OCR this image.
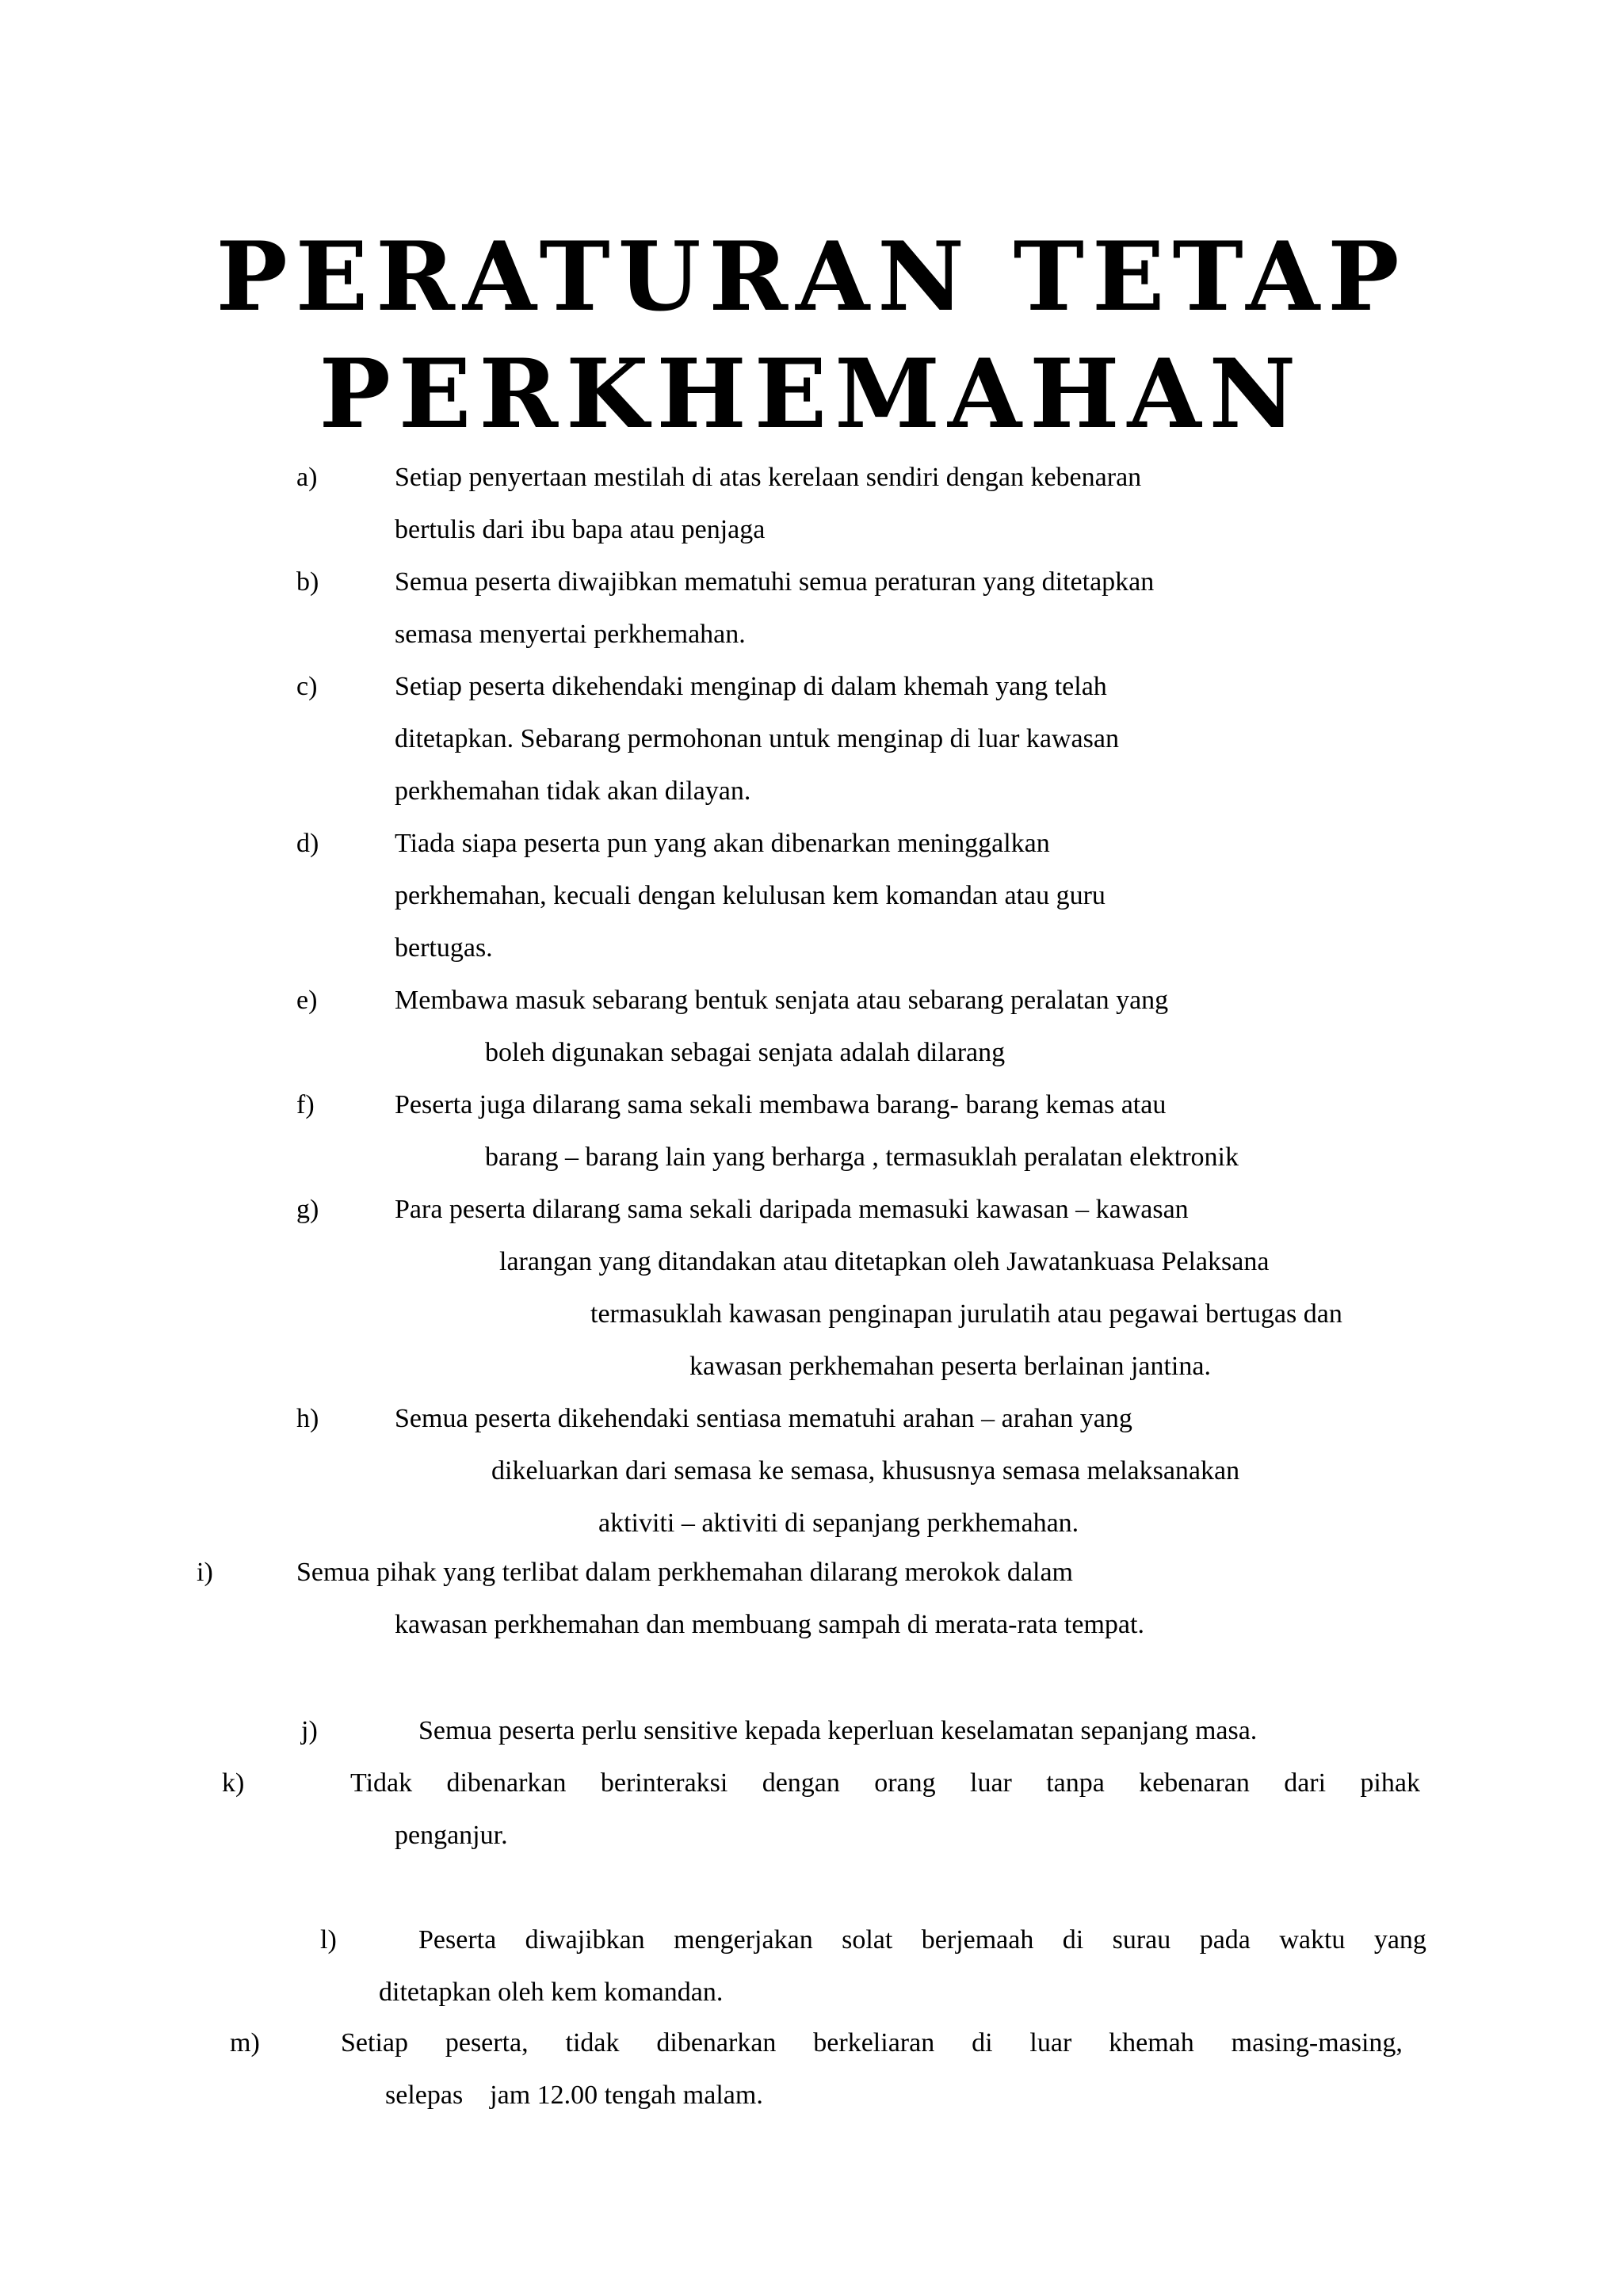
PERATURAN TETAP
PERKHEMAHAN
a)	Setiap penyertaan mestilah di atas kerelaan sendiri dengan kebenaran
bertulis dari ibu bapa atau penjaga
b)	Semua peserta diwajibkan mematuhi semua peraturan yang ditetapkan
semasa menyertai perkhemahan.
c)	Setiap peserta dikehendaki menginap di dalam khemah yang telah
ditetapkan. Sebarang permohonan untuk menginap di luar kawasan
perkhemahan tidak akan dilayan.
d)	Tiada siapa peserta pun yang akan dibenarkan meninggalkan
perkhemahan, kecuali dengan kelulusan kem komandan atau guru
bertugas.
e)	Membawa masuk sebarang bentuk senjata atau sebarang peralatan yang
boleh digunakan sebagai senjata adalah dilarang
f)	Peserta juga dilarang sama sekali membawa barang- barang kemas atau
barang – barang lain yang berharga , termasuklah peralatan elektronik
g)	Para peserta dilarang sama sekali daripada memasuki kawasan – kawasan
larangan yang ditandakan atau ditetapkan oleh Jawatankuasa Pelaksana
termasuklah kawasan penginapan jurulatih atau pegawai bertugas dan
kawasan perkhemahan peserta berlainan jantina.
h)	Semua peserta dikehendaki sentiasa mematuhi arahan – arahan yang
dikeluarkan dari semasa ke semasa, khususnya semasa melaksanakan
aktiviti – aktiviti di sepanjang perkhemahan.
i)	Semua pihak yang terlibat dalam perkhemahan dilarang merokok dalam
kawasan perkhemahan dan membuang sampah di merata-rata tempat.
j)	Semua peserta perlu sensitive kepada keperluan keselamatan sepanjang masa.
k)	Tidak dibenarkan berinteraksi dengan orang luar tanpa kebenaran dari pihak
penganjur.
l)	Peserta diwajibkan mengerjakan solat berjemaah di surau pada waktu yang
ditetapkan oleh kem komandan.
m)	Setiap peserta, tidak dibenarkan berkeliaran di luar khemah masing-masing,
selepas    jam 12.00 tengah malam.
